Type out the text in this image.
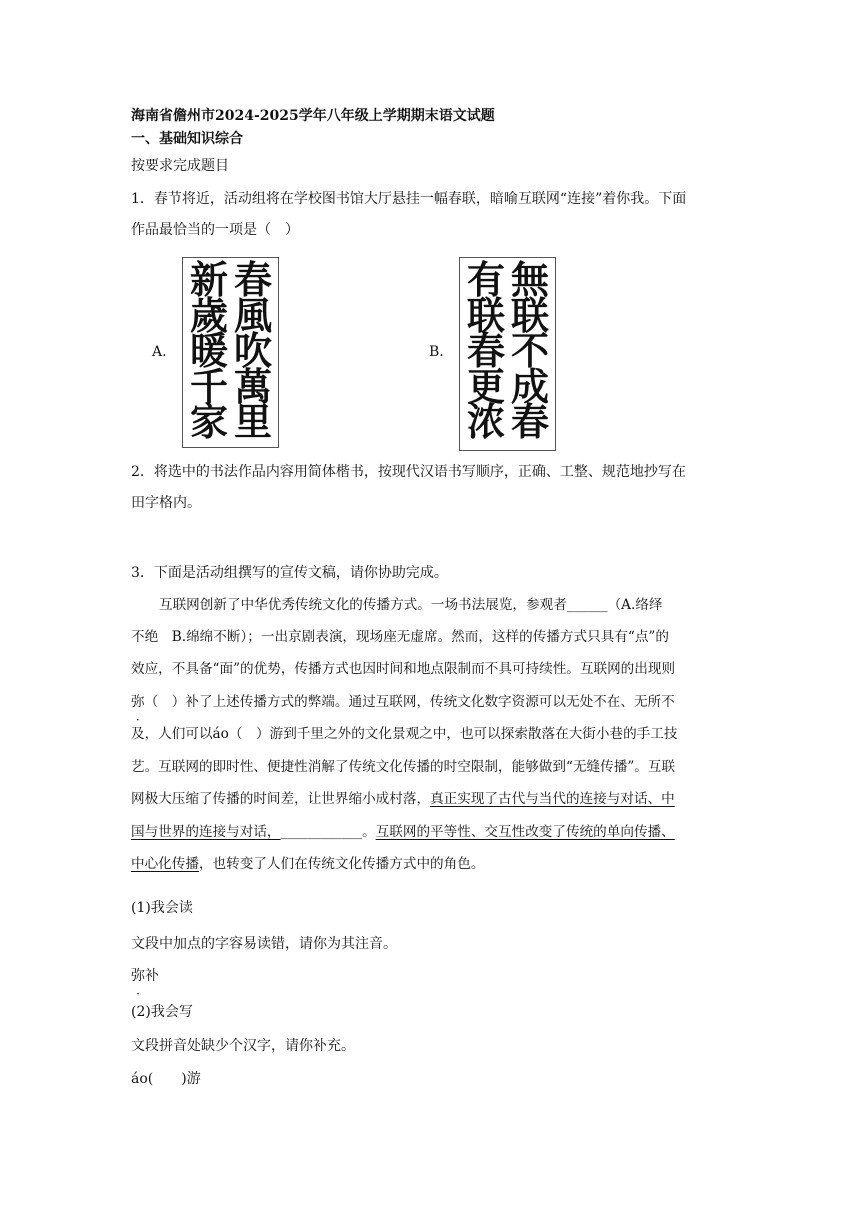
海南省儋州市2024-2025学年八年级上学期期末语文试题
一、基础知识综合
按要求完成题目
1．春节将近，活动组将在学校图书馆大厅悬挂一幅春联，暗喻互联网“连接”着你我。下面
作品最恰当的一项是（　）
A.
春
風
吹
萬
里
新
歲
暖
千
家
B.
無
联
不
成
春
有
联
春
更
浓
2．将选中的书法作品内容用简体楷书，按现代汉语书写顺序，正确、工整、规范地抄写在
田字格内。
3．下面是活动组撰写的宣传文稿，请你协助完成。
互联网创新了中华优秀传统文化的传播方式。一场书法展览，参观者______（A.络绎
不绝　B.绵绵不断）；一出京剧表演，现场座无虚席。然而，这样的传播方式只具有“点”的
效应，不具备“面”的优势，传播方式也因时间和地点限制而不具可持续性。互联网的出现则
弥（　）补了上述传播方式的弊端。通过互联网，传统文化数字资源可以无处不在、无所不
及，人们可以áo（　）游到千里之外的文化景观之中，也可以探索散落在大街小巷的手工技
艺。互联网的即时性、便捷性消解了传统文化传播的时空限制，能够做到“无缝传播”。互联
网极大压缩了传播的时间差，让世界缩小成村落，真正实现了古代与当代的连接与对话、中
国与世界的连接与对话，____________。互联网的平等性、交互性改变了传统的单向传播、
中心化传播，也转变了人们在传统文化传播方式中的角色。
(1)我会读
文段中加点的字容易读错，请你为其注音。
弥补
(2)我会写
文段拼音处缺少个汉字，请你补充。
áo(　　)游
